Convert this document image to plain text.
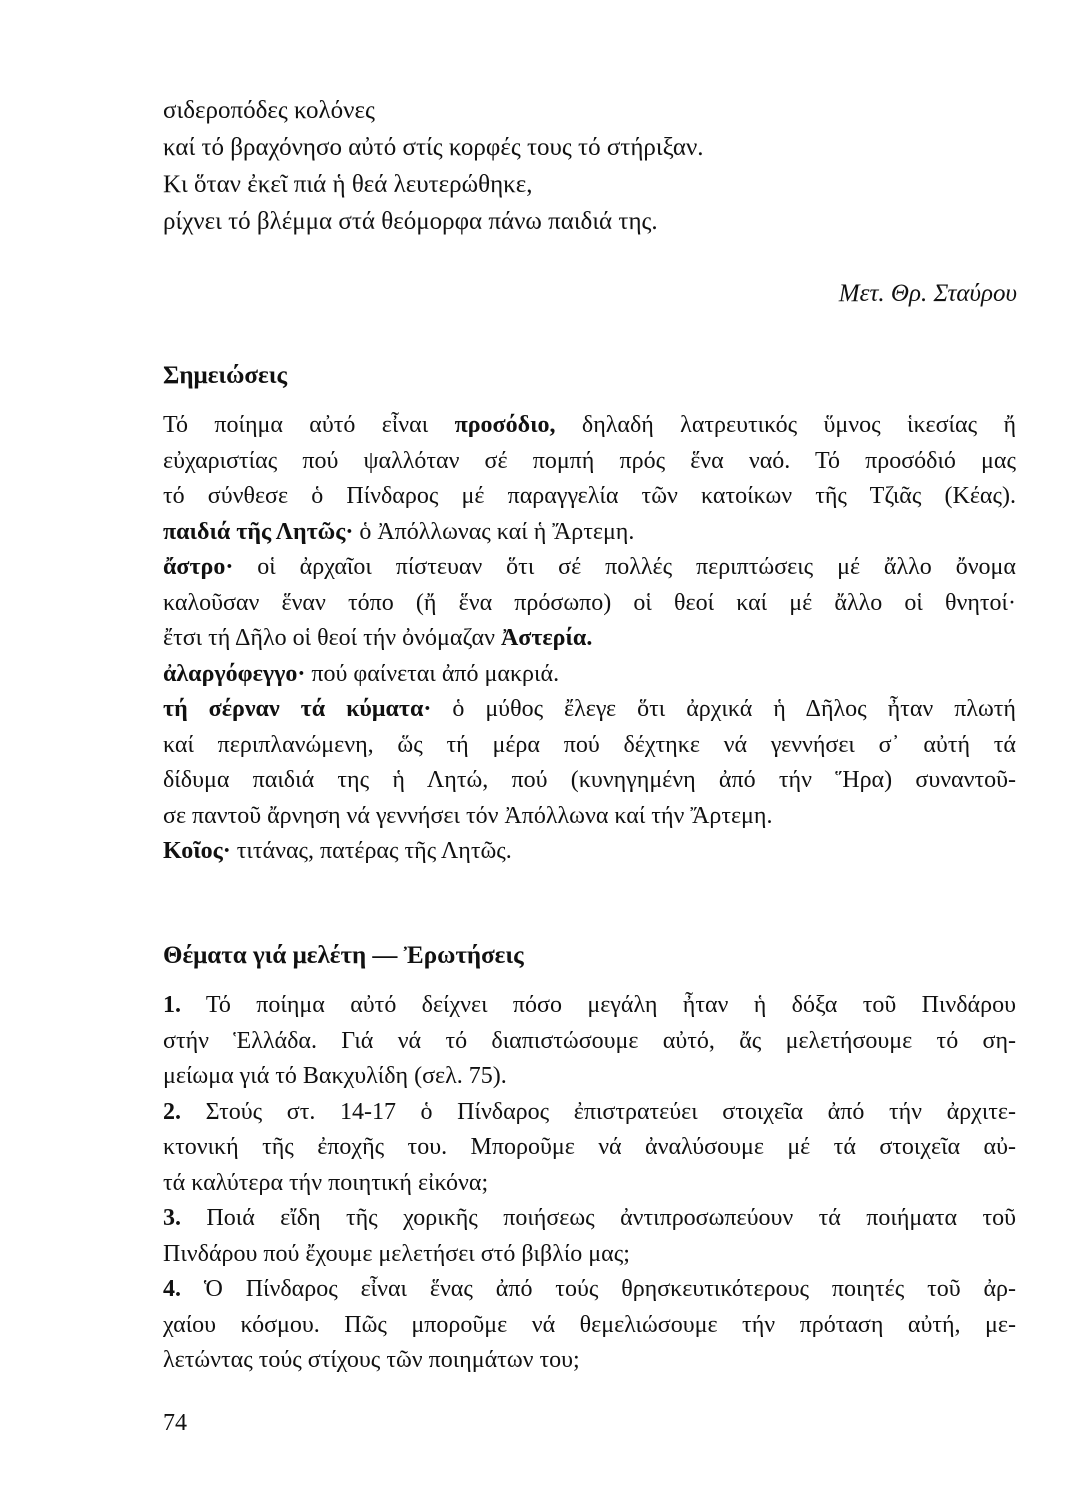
σιδεροπόδες κολόνες
καί τό βραχόνησο αὐτό στίς κορφές τους τό στήριξαν.
Κι ὅταν ἐκεῖ πιά ἡ θεά λευτερώθηκε,
ρίχνει τό βλέμμα στά θεόμορφα πάνω παιδιά της.
Μετ. Θρ. Σταύρου
Σημειώσεις
Τό ποίημα αὐτό εἶναι προσόδιο, δηλαδή λατρευτικός ὕμνος ἱκεσίας ἤ
εὐχαριστίας πού ψαλλόταν σέ πομπή πρός ἕνα ναό. Τό προσόδιό μας
τό σύνθεσε ὁ Πίνδαρος μέ παραγγελία τῶν κατοίκων τῆς Τζιᾶς (Κέας).
παιδιά τῆς Λητῶς· ὁ Ἀπόλλωνας καί ἡ Ἄρτεμη.
ἄστρο· οἱ ἀρχαῖοι πίστευαν ὅτι σέ πολλές περιπτώσεις μέ ἄλλο ὄνομα
καλοῦσαν ἕναν τόπο (ἤ ἕνα πρόσωπο) οἱ θεοί καί μέ ἄλλο οἱ θνητοί·
ἔτσι τή Δῆλο οἱ θεοί τήν ὀνόμαζαν Ἀστερία.
ἀλαργόφεγγο· πού φαίνεται ἀπό μακριά.
τή σέρναν τά κύματα· ὁ μύθος ἔλεγε ὅτι ἀρχικά ἡ Δῆλος ἦταν πλωτή
καί περιπλανώμενη, ὥς τή μέρα πού δέχτηκε νά γεννήσει σ᾽ αὐτή τά
δίδυμα παιδιά της ἡ Λητώ, πού (κυνηγημένη ἀπό τήν Ἥρα) συναντοῦ-
σε παντοῦ ἄρνηση νά γεννήσει τόν Ἀπόλλωνα καί τήν Ἄρτεμη.
Κοῖος· τιτάνας, πατέρας τῆς Λητῶς.
Θέματα γιά μελέτη — Ἐρωτήσεις
1. Τό ποίημα αὐτό δείχνει πόσο μεγάλη ἦταν ἡ δόξα τοῦ Πινδάρου
στήν Ἑλλάδα. Γιά νά τό διαπιστώσουμε αὐτό, ἄς μελετήσουμε τό ση-
μείωμα γιά τό Βακχυλίδη (σελ. 75).
2. Στούς στ. 14-17 ὁ Πίνδαρος ἐπιστρατεύει στοιχεῖα ἀπό τήν ἀρχιτε-
κτονική τῆς ἐποχῆς του. Μποροῦμε νά ἀναλύσουμε μέ τά στοιχεῖα αὐ-
τά καλύτερα τήν ποιητική εἰκόνα;
3. Ποιά εἴδη τῆς χορικῆς ποιήσεως ἀντιπροσωπεύουν τά ποιήματα τοῦ
Πινδάρου πού ἔχουμε μελετήσει στό βιβλίο μας;
4. Ὁ Πίνδαρος εἶναι ἕνας ἀπό τούς θρησκευτικότερους ποιητές τοῦ ἀρ-
χαίου κόσμου. Πῶς μποροῦμε νά θεμελιώσουμε τήν πρόταση αὐτή, με-
λετώντας τούς στίχους τῶν ποιημάτων του;
74
